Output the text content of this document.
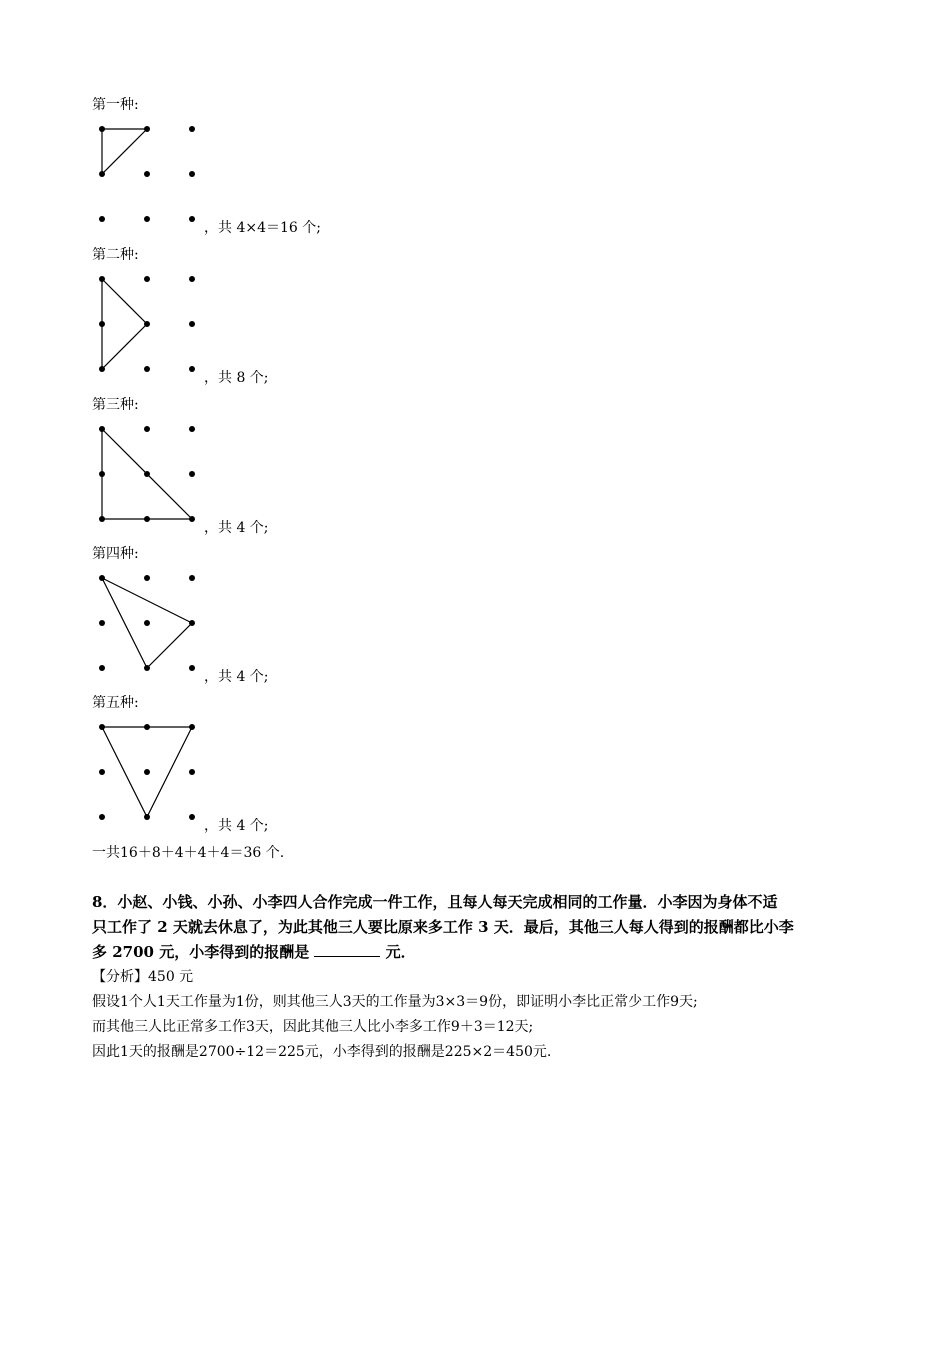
第一种:
，共 4×4＝16 个;
第二种:
，共 8 个;
第三种:
，共 4 个;
第四种:
，共 4 个;
第五种:
，共 4 个;
一共16＋8＋4＋4＋4＝36 个.
8．小赵、小钱、小孙、小李四人合作完成一件工作，且每人每天完成相同的工作量．小李因为身体不适
只工作了 2 天就去休息了，为此其他三人要比原来多工作 3 天．最后，其他三人每人得到的报酬都比小李
多 2700 元，小李得到的报酬是	元．
【分析】450 元
假设1个人1天工作量为1份，则其他三人3天的工作量为3×3＝9份，即证明小李比正常少工作9天;
而其他三人比正常多工作3天，因此其他三人比小李多工作9＋3＝12天;
因此1天的报酬是2700÷12＝225元，小李得到的报酬是225×2＝450元.
